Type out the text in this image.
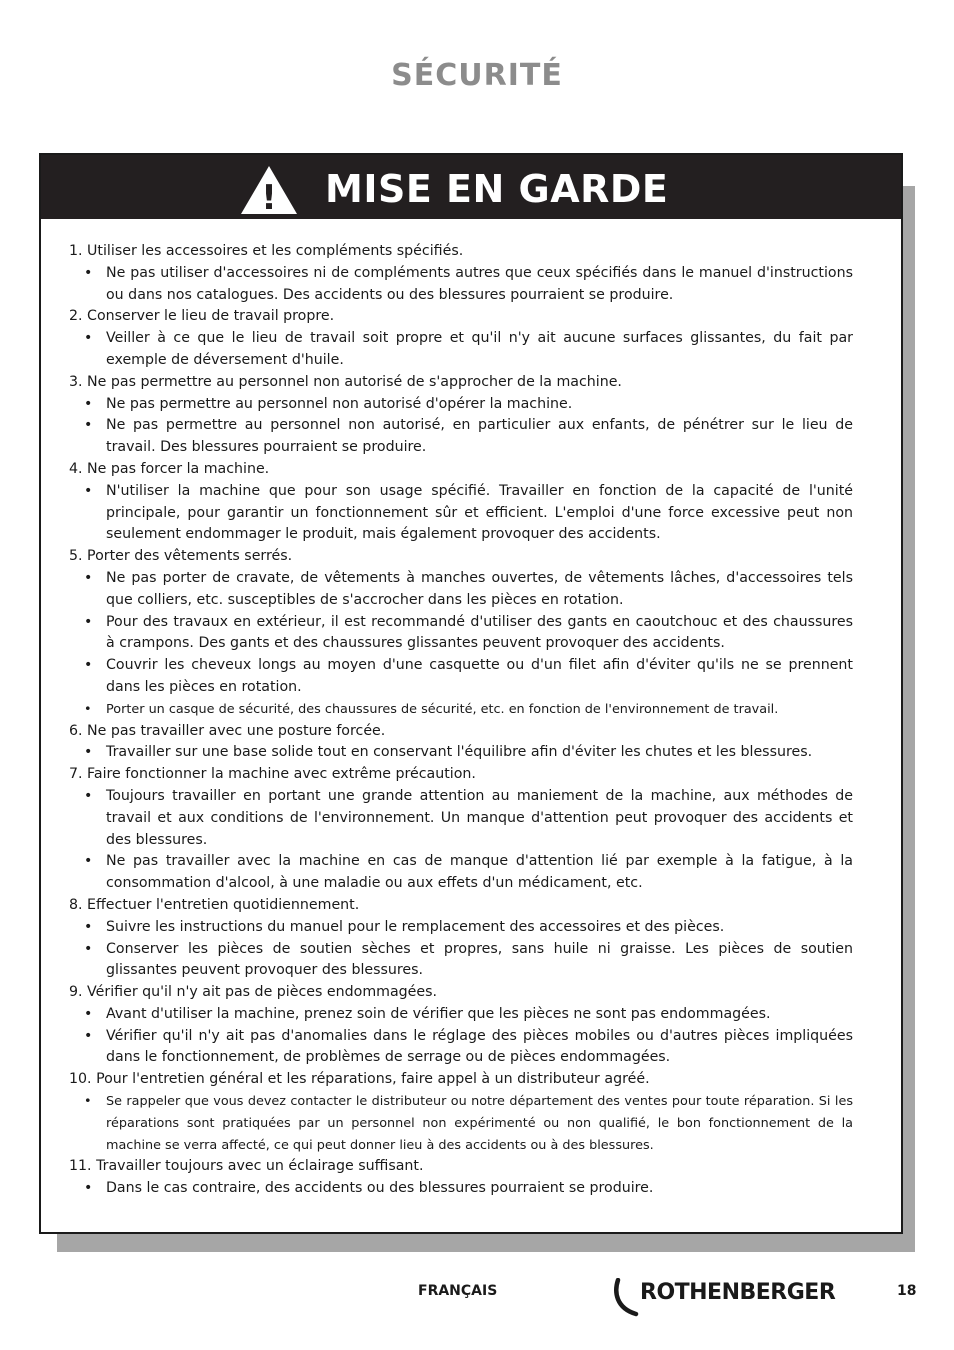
SÉCURITÉ
! MISE EN GARDE

1. Utiliser les accessoires et les compléments spécifiés.

• Ne pas utiliser d'accessoires ni de compléments autres que ceux spécifiés dans le manuel d'instructions ou dans nos catalogues. Des accidents ou des blessures pourraient se produire.

2. Conserver le lieu de travail propre.

• Veiller à ce que le lieu de travail soit propre et qu'il n'y ait aucune surfaces glissantes, du fait par exemple de déversement d'huile.

3. Ne pas permettre au personnel non autorisé de s'approcher de la machine.

• Ne pas permettre au personnel non autorisé d'opérer la machine.

• Ne pas permettre au personnel non autorisé, en particulier aux enfants, de pénétrer sur le lieu de travail. Des blessures pourraient se produire.

4. Ne pas forcer la machine.

• N'utiliser la machine que pour son usage spécifié. Travailler en fonction de la capacité de l'unité principale, pour garantir un fonctionnement sûr et efficient. L'emploi d'une force excessive peut non seulement endommager le produit, mais également provoquer des accidents.

5. Porter des vêtements serrés.

• Ne pas porter de cravate, de vêtements à manches ouvertes, de vêtements lâches, d'accessoires tels que colliers, etc. susceptibles de s'accrocher dans les pièces en rotation.

• Pour des travaux en extérieur, il est recommandé d'utiliser des gants en caoutchouc et des chaussures à crampons. Des gants et des chaussures glissantes peuvent provoquer des accidents.

• Couvrir les cheveux longs au moyen d'une casquette ou d'un filet afin d'éviter qu'ils ne se prennent dans les pièces en rotation.

• Porter un casque de sécurité, des chaussures de sécurité, etc. en fonction de l'environnement de travail.

6. Ne pas travailler avec une posture forcée.

• Travailler sur une base solide tout en conservant l'équilibre afin d'éviter les chutes et les blessures.

7. Faire fonctionner la machine avec extrême précaution.

• Toujours travailler en portant une grande attention au maniement de la machine, aux méthodes de travail et aux conditions de l'environnement. Un manque d'attention peut provoquer des accidents et des blessures.

• Ne pas travailler avec la machine en cas de manque d'attention lié par exemple à la fatigue, à la consommation d'alcool, à une maladie ou aux effets d'un médicament, etc.

8. Effectuer l'entretien quotidiennement.

• Suivre les instructions du manuel pour le remplacement des accessoires et des pièces.

• Conserver les pièces de soutien sèches et propres, sans huile ni graisse. Les pièces de soutien glissantes peuvent provoquer des blessures.

9. Vérifier qu'il n'y ait pas de pièces endommagées.

• Avant d'utiliser la machine, prenez soin de vérifier que les pièces ne sont pas endommagées.

• Vérifier qu'il n'y ait pas d'anomalies dans le réglage des pièces mobiles ou d'autres pièces impliquées dans le fonctionnement, de problèmes de serrage ou de pièces endommagées.

10. Pour l'entretien général et les réparations, faire appel à un distributeur agréé.

• Se rappeler que vous devez contacter le distributeur ou notre département des ventes pour toute réparation. Si les réparations sont pratiquées par un personnel non expérimenté ou non qualifié, le bon fonctionnement de la machine se verra affecté, ce qui peut donner lieu à des accidents ou à des blessures.

11. Travailler toujours avec un éclairage suffisant.

• Dans le cas contraire, des accidents ou des blessures pourraient se produire.

FRANÇAIS	ROTHENBERGER	18
